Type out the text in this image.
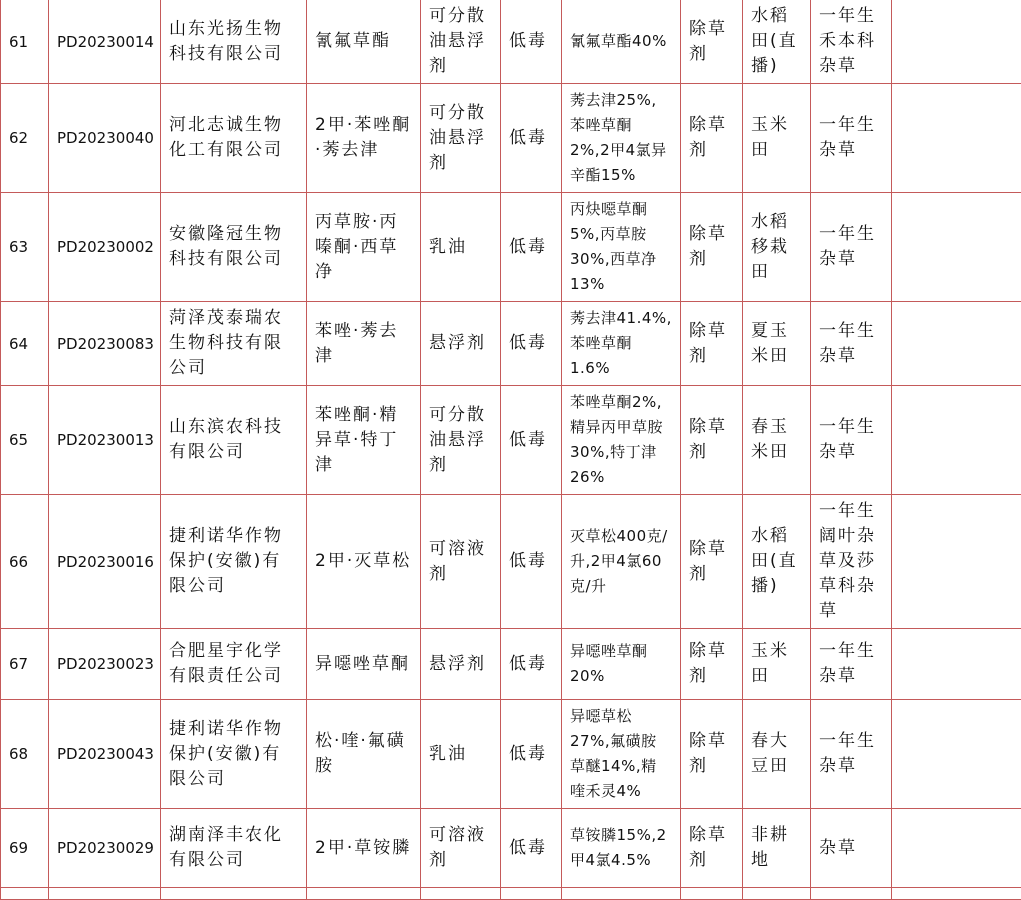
61	PD20230014	山东光扬生物科技有限公司	氰氟草酯	可分散油悬浮剂	低毒	氰氟草酯40%	除草剂	水稻田(直播)	一年生禾本科杂草	
62	PD20230040	河北志诚生物化工有限公司	2甲·苯唑酮·莠去津	可分散油悬浮剂	低毒	莠去津25%,苯唑草酮2%,2甲4氯异辛酯15%	除草剂	玉米田	一年生杂草	
63	PD20230002	安徽隆冠生物科技有限公司	丙草胺·丙嗪酮·西草净	乳油	低毒	丙炔噁草酮5%,丙草胺30%,西草净13%	除草剂	水稻移栽田	一年生杂草	
64	PD20230083	菏泽茂泰瑞农生物科技有限公司	苯唑·莠去津	悬浮剂	低毒	莠去津41.4%,苯唑草酮1.6%	除草剂	夏玉米田	一年生杂草	
65	PD20230013	山东滨农科技有限公司	苯唑酮·精异草·特丁津	可分散油悬浮剂	低毒	苯唑草酮2%,精异丙甲草胺30%,特丁津26%	除草剂	春玉米田	一年生杂草	
66	PD20230016	捷利诺华作物保护(安徽)有限公司	2甲·灭草松	可溶液剂	低毒	灭草松400克/升,2甲4氯60克/升	除草剂	水稻田(直播)	一年生阔叶杂草及莎草科杂草	
67	PD20230023	合肥星宇化学有限责任公司	异噁唑草酮	悬浮剂	低毒	异噁唑草酮20%	除草剂	玉米田	一年生杂草	
68	PD20230043	捷利诺华作物保护(安徽)有限公司	松·喹·氟磺胺	乳油	低毒	异噁草松27%,氟磺胺草醚14%,精喹禾灵4%	除草剂	春大豆田	一年生杂草	
69	PD20230029	湖南泽丰农化有限公司	2甲·草铵膦	可溶液剂	低毒	草铵膦15%,2甲4氯4.5%	除草剂	非耕地	杂草	
